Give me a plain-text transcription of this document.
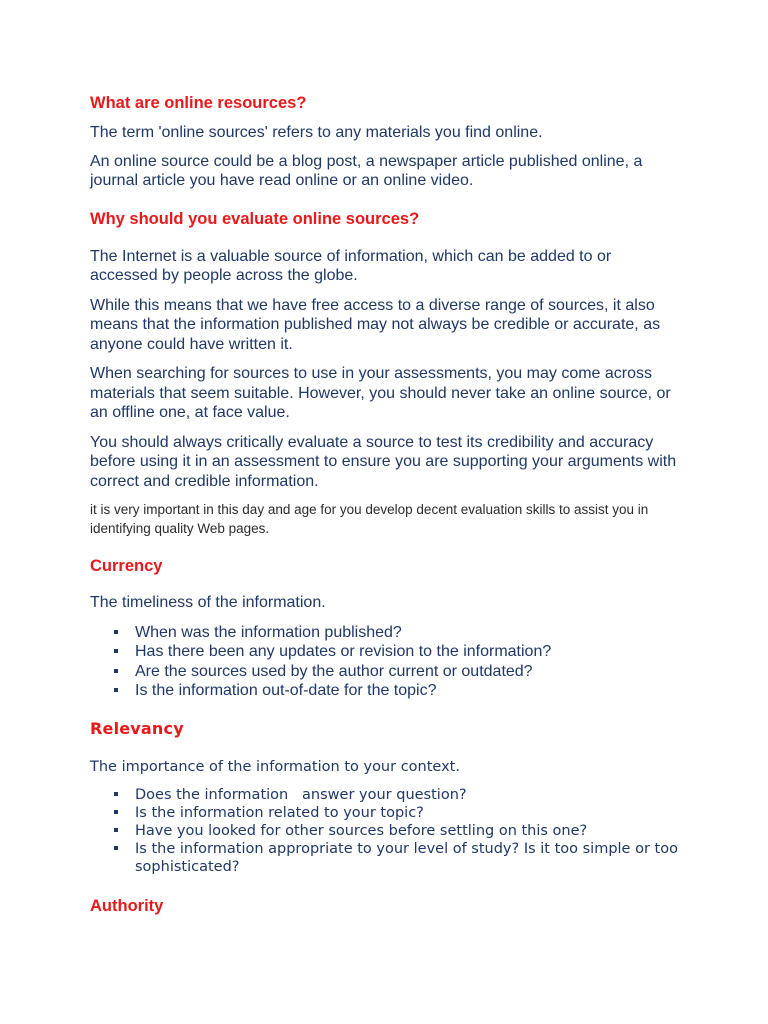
What are online resources?

The term 'online sources' refers to any materials you find online.

An online source could be a blog post, a newspaper article published online, a journal article you have read online or an online video.

Why should you evaluate online sources?

The Internet is a valuable source of information, which can be added to or accessed by people across the globe.

While this means that we have free access to a diverse range of sources, it also means that the information published may not always be credible or accurate, as anyone could have written it.

When searching for sources to use in your assessments, you may come across materials that seem suitable. However, you should never take an online source, or an offline one, at face value.

You should always critically evaluate a source to test its credibility and accuracy before using it in an assessment to ensure you are supporting your arguments with correct and credible information.

it is very important in this day and age for you develop decent evaluation skills to assist you in identifying quality Web pages.

Currency

The timeliness of the information.

When was the information published?
Has there been any updates or revision to the information?
Are the sources used by the author current or outdated?
Is the information out-of-date for the topic?
Relevancy

The importance of the information to your context.

Does the information   answer your question?
Is the information related to your topic?
Have you looked for other sources before settling on this one?
Is the information appropriate to your level of study? Is it too simple or too sophisticated?
Authority
